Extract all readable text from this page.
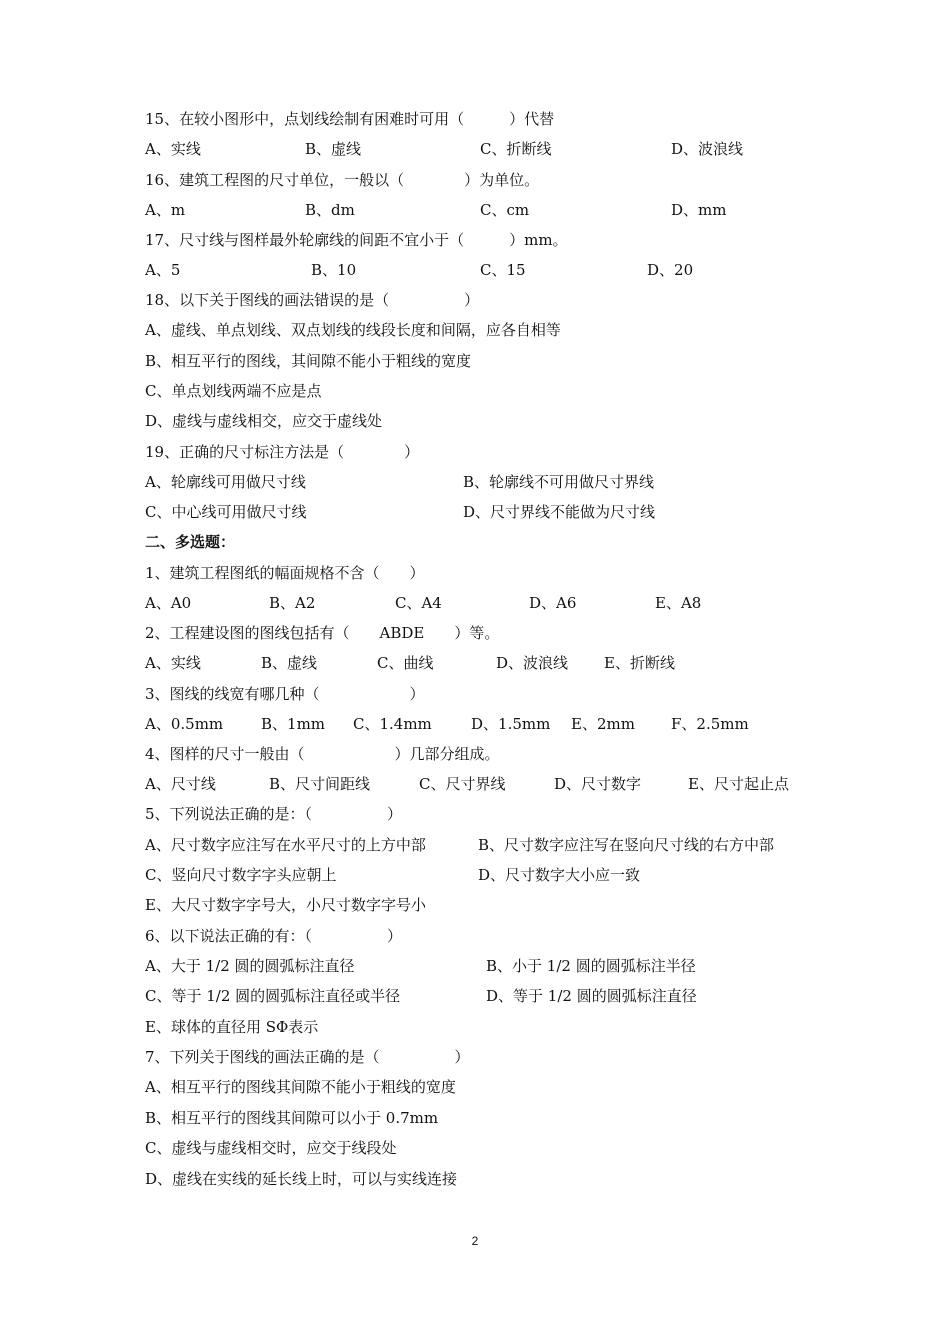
15、在较小图形中，点划线绘制有困难时可用（　　　）代替
A、实线	B、虚线	C、折断线	D、波浪线
16、建筑工程图的尺寸单位，一般以（　　　　）为单位。
A、m	B、dm	C、cm	D、mm
17、尺寸线与图样最外轮廓线的间距不宜小于（　　　）mm。
A、5	B、10	C、15	D、20
18、以下关于图线的画法错误的是（　　　　　）
A、虚线、单点划线、双点划线的线段长度和间隔，应各自相等
B、相互平行的图线，其间隙不能小于粗线的宽度
C、单点划线两端不应是点
D、虚线与虚线相交，应交于虚线处
19、正确的尺寸标注方法是（　　　　）
A、轮廓线可用做尺寸线	B、轮廓线不可用做尺寸界线
C、中心线可用做尺寸线	D、尺寸界线不能做为尺寸线
二、多选题：
1、建筑工程图纸的幅面规格不含（　　）
A、A0	B、A2	C、A4	D、A6	E、A8
2、工程建设图的图线包括有（　　ABDE　　）等。
A、实线	B、虚线	C、曲线	D、波浪线 E、折断线
3、图线的线宽有哪几种（　　　　　　）
A、0.5mm	B、1mm C、1.4mm	D、1.5mm E、2mm F、2.5mm
4、图样的尺寸一般由（　　　　　　）几部分组成。
A、尺寸线	B、尺寸间距线	C、尺寸界线	D、尺寸数字	E、尺寸起止点
5、下列说法正确的是：（　　　　　）
A、尺寸数字应注写在水平尺寸的上方中部	B、尺寸数字应注写在竖向尺寸线的右方中部
C、竖向尺寸数字字头应朝上	D、尺寸数字大小应一致
E、大尺寸数字字号大，小尺寸数字字号小
6、以下说法正确的有：（　　　　　）
A、大于 1/2 圆的圆弧标注直径	B、小于 1/2 圆的圆弧标注半径
C、等于 1/2 圆的圆弧标注直径或半径	D、等于 1/2 圆的圆弧标注直径
E、球体的直径用 SΦ表示
7、下列关于图线的画法正确的是（　　　　　）
A、相互平行的图线其间隙不能小于粗线的宽度
B、相互平行的图线其间隙可以小于 0.7mm
C、虚线与虚线相交时，应交于线段处
D、虚线在实线的延长线上时，可以与实线连接
2
